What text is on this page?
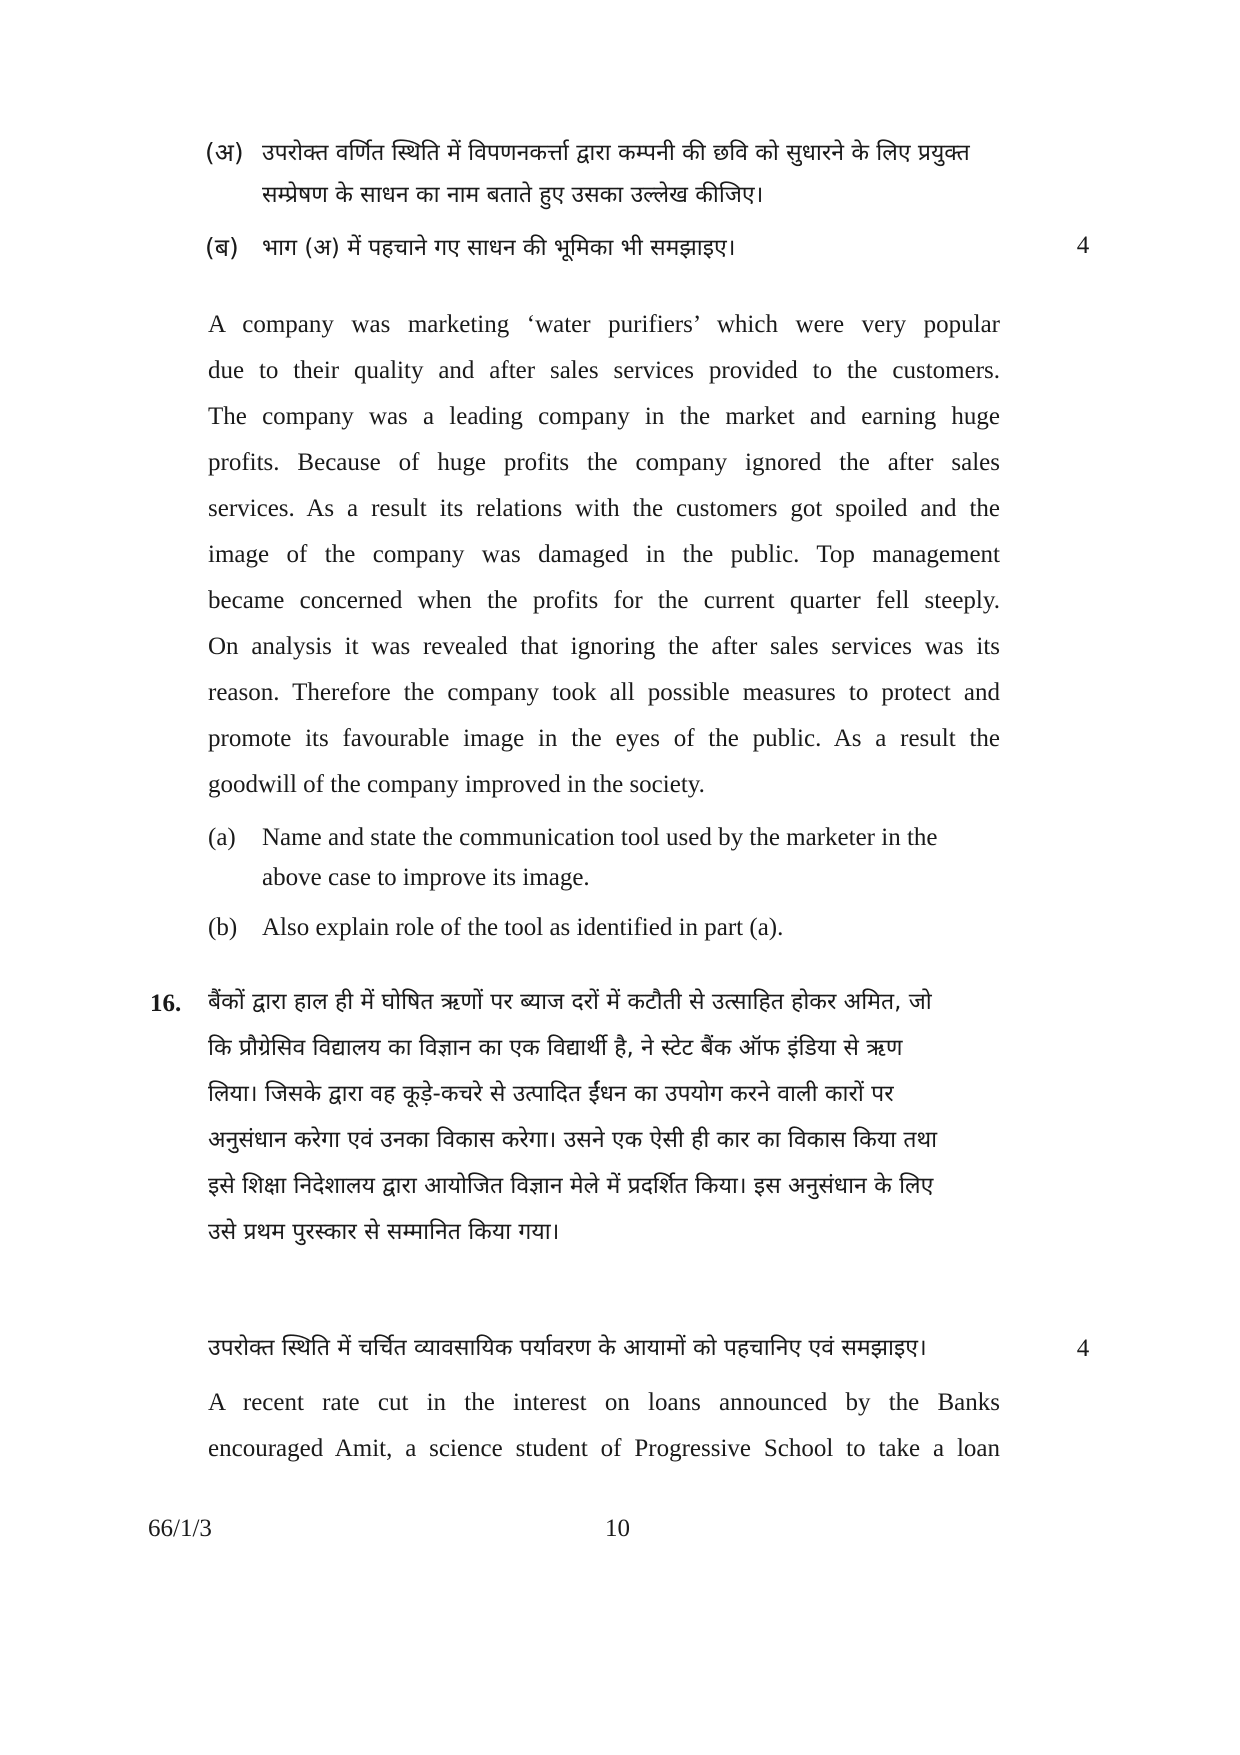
(अ) उपरोक्त वर्णित स्थिति में विपणनकर्त्ता द्वारा कम्पनी की छवि को सुधारने के लिए प्रयुक्त
सम्प्रेषण के साधन का नाम बताते हुए उसका उल्लेख कीजिए।
(ब) भाग (अ) में पहचाने गए साधन की भूमिका भी समझाइए।	4
A company was marketing ‘water purifiers’ which were very popular
due to their quality and after sales services provided to the customers.
The company was a leading company in the market and earning huge
profits. Because of huge profits the company ignored the after sales
services. As a result its relations with the customers got spoiled and the
image of the company was damaged in the public. Top management
became concerned when the profits for the current quarter fell steeply.
On analysis it was revealed that ignoring the after sales services was its
reason. Therefore the company took all possible measures to protect and
promote its favourable image in the eyes of the public. As a result the
goodwill of the company improved in the society.
(a) Name and state the communication tool used by the marketer in the
above case to improve its image.
(b) Also explain role of the tool as identified in part (a).
16. बैंकों द्वारा हाल ही में घोषित ऋणों पर ब्याज दरों में कटौती से उत्साहित होकर अमित, जो
कि प्रौग्रेसिव विद्यालय का विज्ञान का एक विद्यार्थी है, ने स्टेट बैंक ऑफ इंडिया से ऋण
लिया। जिसके द्वारा वह कूड़े-कचरे से उत्पादित ईंधन का उपयोग करने वाली कारों पर
अनुसंधान करेगा एवं उनका विकास करेगा। उसने एक ऐसी ही कार का विकास किया तथा
इसे शिक्षा निदेशालय द्वारा आयोजित विज्ञान मेले में प्रदर्शित किया। इस अनुसंधान के लिए
उसे प्रथम पुरस्कार से सम्मानित किया गया।
उपरोक्त स्थिति में चर्चित व्यावसायिक पर्यावरण के आयामों को पहचानिए एवं समझाइए।	4
A recent rate cut in the interest on loans announced by the Banks
encouraged Amit, a science student of Progressive School to take a loan
66/1/3	10
